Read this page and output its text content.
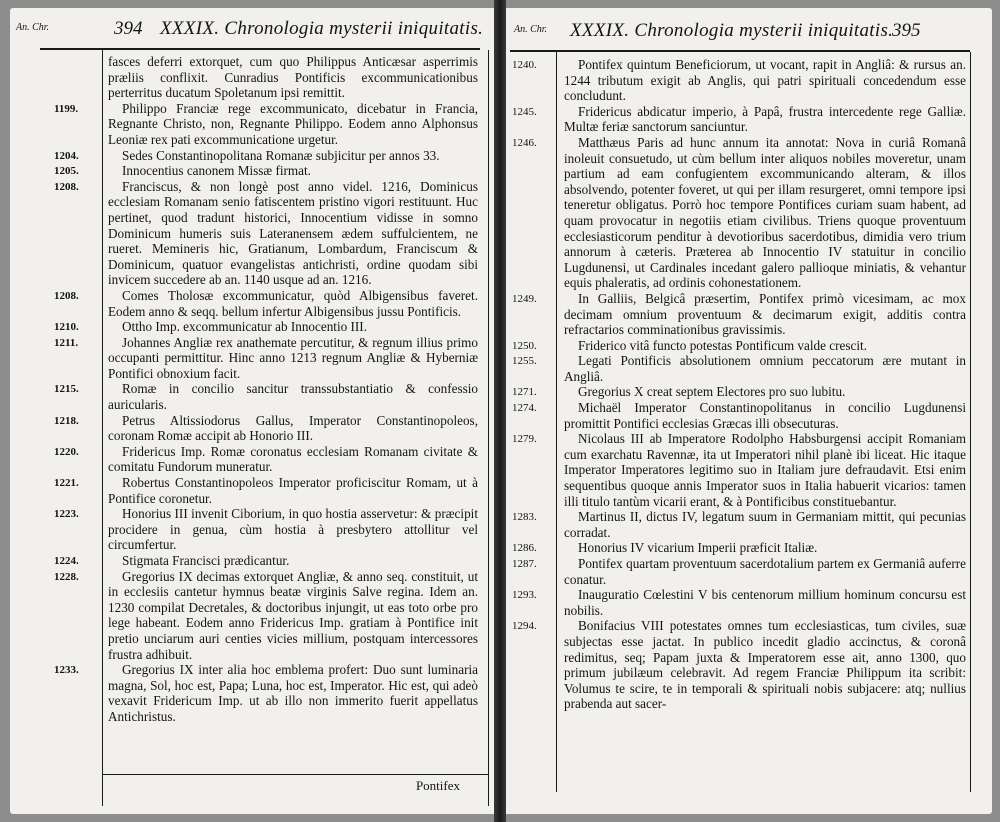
An. Chr.	394 XXXIX. Chronologia mysterii iniquitatis.
fasces deferri extorquet, cum quo Philippus Anticæsar asperrimis præliis conflixit. Cunradius Pontificis excommunicationibus perterritus ducatum Spoletanum ipsi remittit.
1199.	Philippo Franciæ rege excommunicato, dicebatur in Francia, Regnante Christo, non, Regnante Philippo. Eodem anno Alphonsus Leoniæ rex pati excommunicatione urgetur.
1204.	Sedes Constantinopolitana Romanæ subjicitur per annos 33.
1205.	Innocentius canonem Missæ firmat.
1208.	Franciscus, & non longè post anno videl. 1216, Dominicus ecclesiam Romanam senio fatiscentem pristino vigori restituunt. Huc pertinet, quod tradunt historici, Innocentium vidisse in somno Dominicum humeris suis Lateranensem ædem suffulcientem, ne rueret. Memineris hic, Gratianum, Lombardum, Franciscum & Dominicum, quatuor evangelistas antichristi, ordine quodam sibi invicem succedere ab an. 1140 usque ad an. 1216.
1208.	Comes Tholosæ excommunicatur, quòd Albigensibus faveret. Eodem anno & seqq. bellum infertur Albigensibus jussu Pontificis.
1210.	Ottho Imp. excommunicatur ab Innocentio III.
1211.	Johannes Angliæ rex anathemate percutitur, & regnum illius primo occupanti permittitur. Hinc anno 1213 regnum Angliæ & Hyberniæ Pontifici obnoxium facit.
1215.	Romæ in concilio sancitur transsubstantiatio & confessio auricularis.
1218.	Petrus Altissiodorus Gallus, Imperator Constantinopoleos, coronam Romæ accipit ab Honorio III.
1220.	Fridericus Imp. Romæ coronatus ecclesiam Romanam civitate & comitatu Fundorum muneratur.
1221.	Robertus Constantinopoleos Imperator proficiscitur Romam, ut à Pontifice coronetur.
1223.	Honorius III invenit Ciborium, in quo hostia asservetur: & præcipit procidere in genua, cùm hostia à presbytero attollitur vel circumfertur.
1224.	Stigmata Francisci prædicantur.
1228.	Gregorius IX decimas extorquet Angliæ, & anno seq. constituit, ut in ecclesiis cantetur hymnus beatæ virginis Salve regina. Idem an. 1230 compilat Decretales, & doctoribus injungit, ut eas toto orbe pro lege habeant. Eodem anno Fridericus Imp. gratiam à Pontifice init pretio unciarum auri centies vicies millium, postquam intercessores frustra adhibuit.
1233.	Gregorius IX inter alia hoc emblema profert: Duo sunt luminaria magna, Sol, hoc est, Papa; Luna, hoc est, Imperator. Hic est, qui adeò vexavit Fridericum Imp. ut ab illo non immerito fuerit appellatus Antichristus.
Pontifex
An. Chr. XXXIX. Chronologia mysterii iniquitatis.
395
1240.	Pontifex quintum Beneficiorum, ut vocant, rapit in Angliâ: & rursus an. 1244 tributum exigit ab Anglis, qui patri spirituali concedendum esse concludunt.
1245.	Fridericus abdicatur imperio, à Papâ, frustra intercedente rege Galliæ. Multæ feriæ sanctorum sanciuntur.
1246.	Matthæus Paris ad hunc annum ita annotat: Nova in curiâ Romanâ inoleuit consuetudo, ut cùm bellum inter aliquos nobiles moveretur, unam partium ad eam confugientem excommunicando alteram, & illos absolvendo, potenter foveret, ut qui per illam resurgeret, omni tempore ipsi teneretur obligatus. Porrò hoc tempore Pontifices curiam suam habent, ad quam provocatur in negotiis etiam civilibus. Triens quoque proventuum ecclesiasticorum penditur à devotioribus sacerdotibus, dimidia vero trium annorum à cæteris. Præterea ab Innocentio IV statuitur in concilio Lugdunensi, ut Cardinales incedant galero pallioque miniatis, & vehantur equis phaleratis, ad ordinis cohonestationem.
1249.	In Galliis, Belgicâ præsertim, Pontifex primò vicesimam, ac mox decimam omnium proventuum & decimarum exigit, additis contra refractarios comminationibus gravissimis.
1250.	Friderico vitâ functo potestas Pontificum valde crescit.
1255.	Legati Pontificis absolutionem omnium peccatorum ære mutant in Angliâ.
1271.	Gregorius X creat septem Electores pro suo lubitu.
1274.	Michaël Imperator Constantinopolitanus in concilio Lugdunensi promittit Pontifici ecclesias Græcas illi obsecuturas.
1279.	Nicolaus III ab Imperatore Rodolpho Habsburgensi accipit Romaniam cum exarchatu Ravennæ, ita ut Imperatori nihil planè ibi liceat. Hic itaque Imperator Imperatores legitimo suo in Italiam jure defraudavit. Etsi enim sequentibus quoque annis Imperator suos in Italia habuerit vicarios: tamen illi titulo tantùm vicarii erant, & à Pontificibus constituebantur.
1283.	Martinus II, dictus IV, legatum suum in Germaniam mittit, qui pecunias corradat.
1286.	Honorius IV vicarium Imperii præficit Italiæ.
1287.	Pontifex quartam proventuum sacerdotalium partem ex Germaniâ auferre conatur.
1293.	Inauguratio Cœlestini V bis centenorum millium hominum concursu est nobilis.
1294.	Bonifacius VIII potestates omnes tum ecclesiasticas, tum civiles, suæ subjectas esse jactat. In publico incedit gladio accinctus, & coronâ redimitus, seq; Papam juxta & Imperatorem esse ait, anno 1300, quo primum jubilæum celebravit. Ad regem Franciæ Philippum ita scribit: Volumus te scire, te in temporali & spirituali nobis subjacere: atq; nullius prabenda aut sacer-
